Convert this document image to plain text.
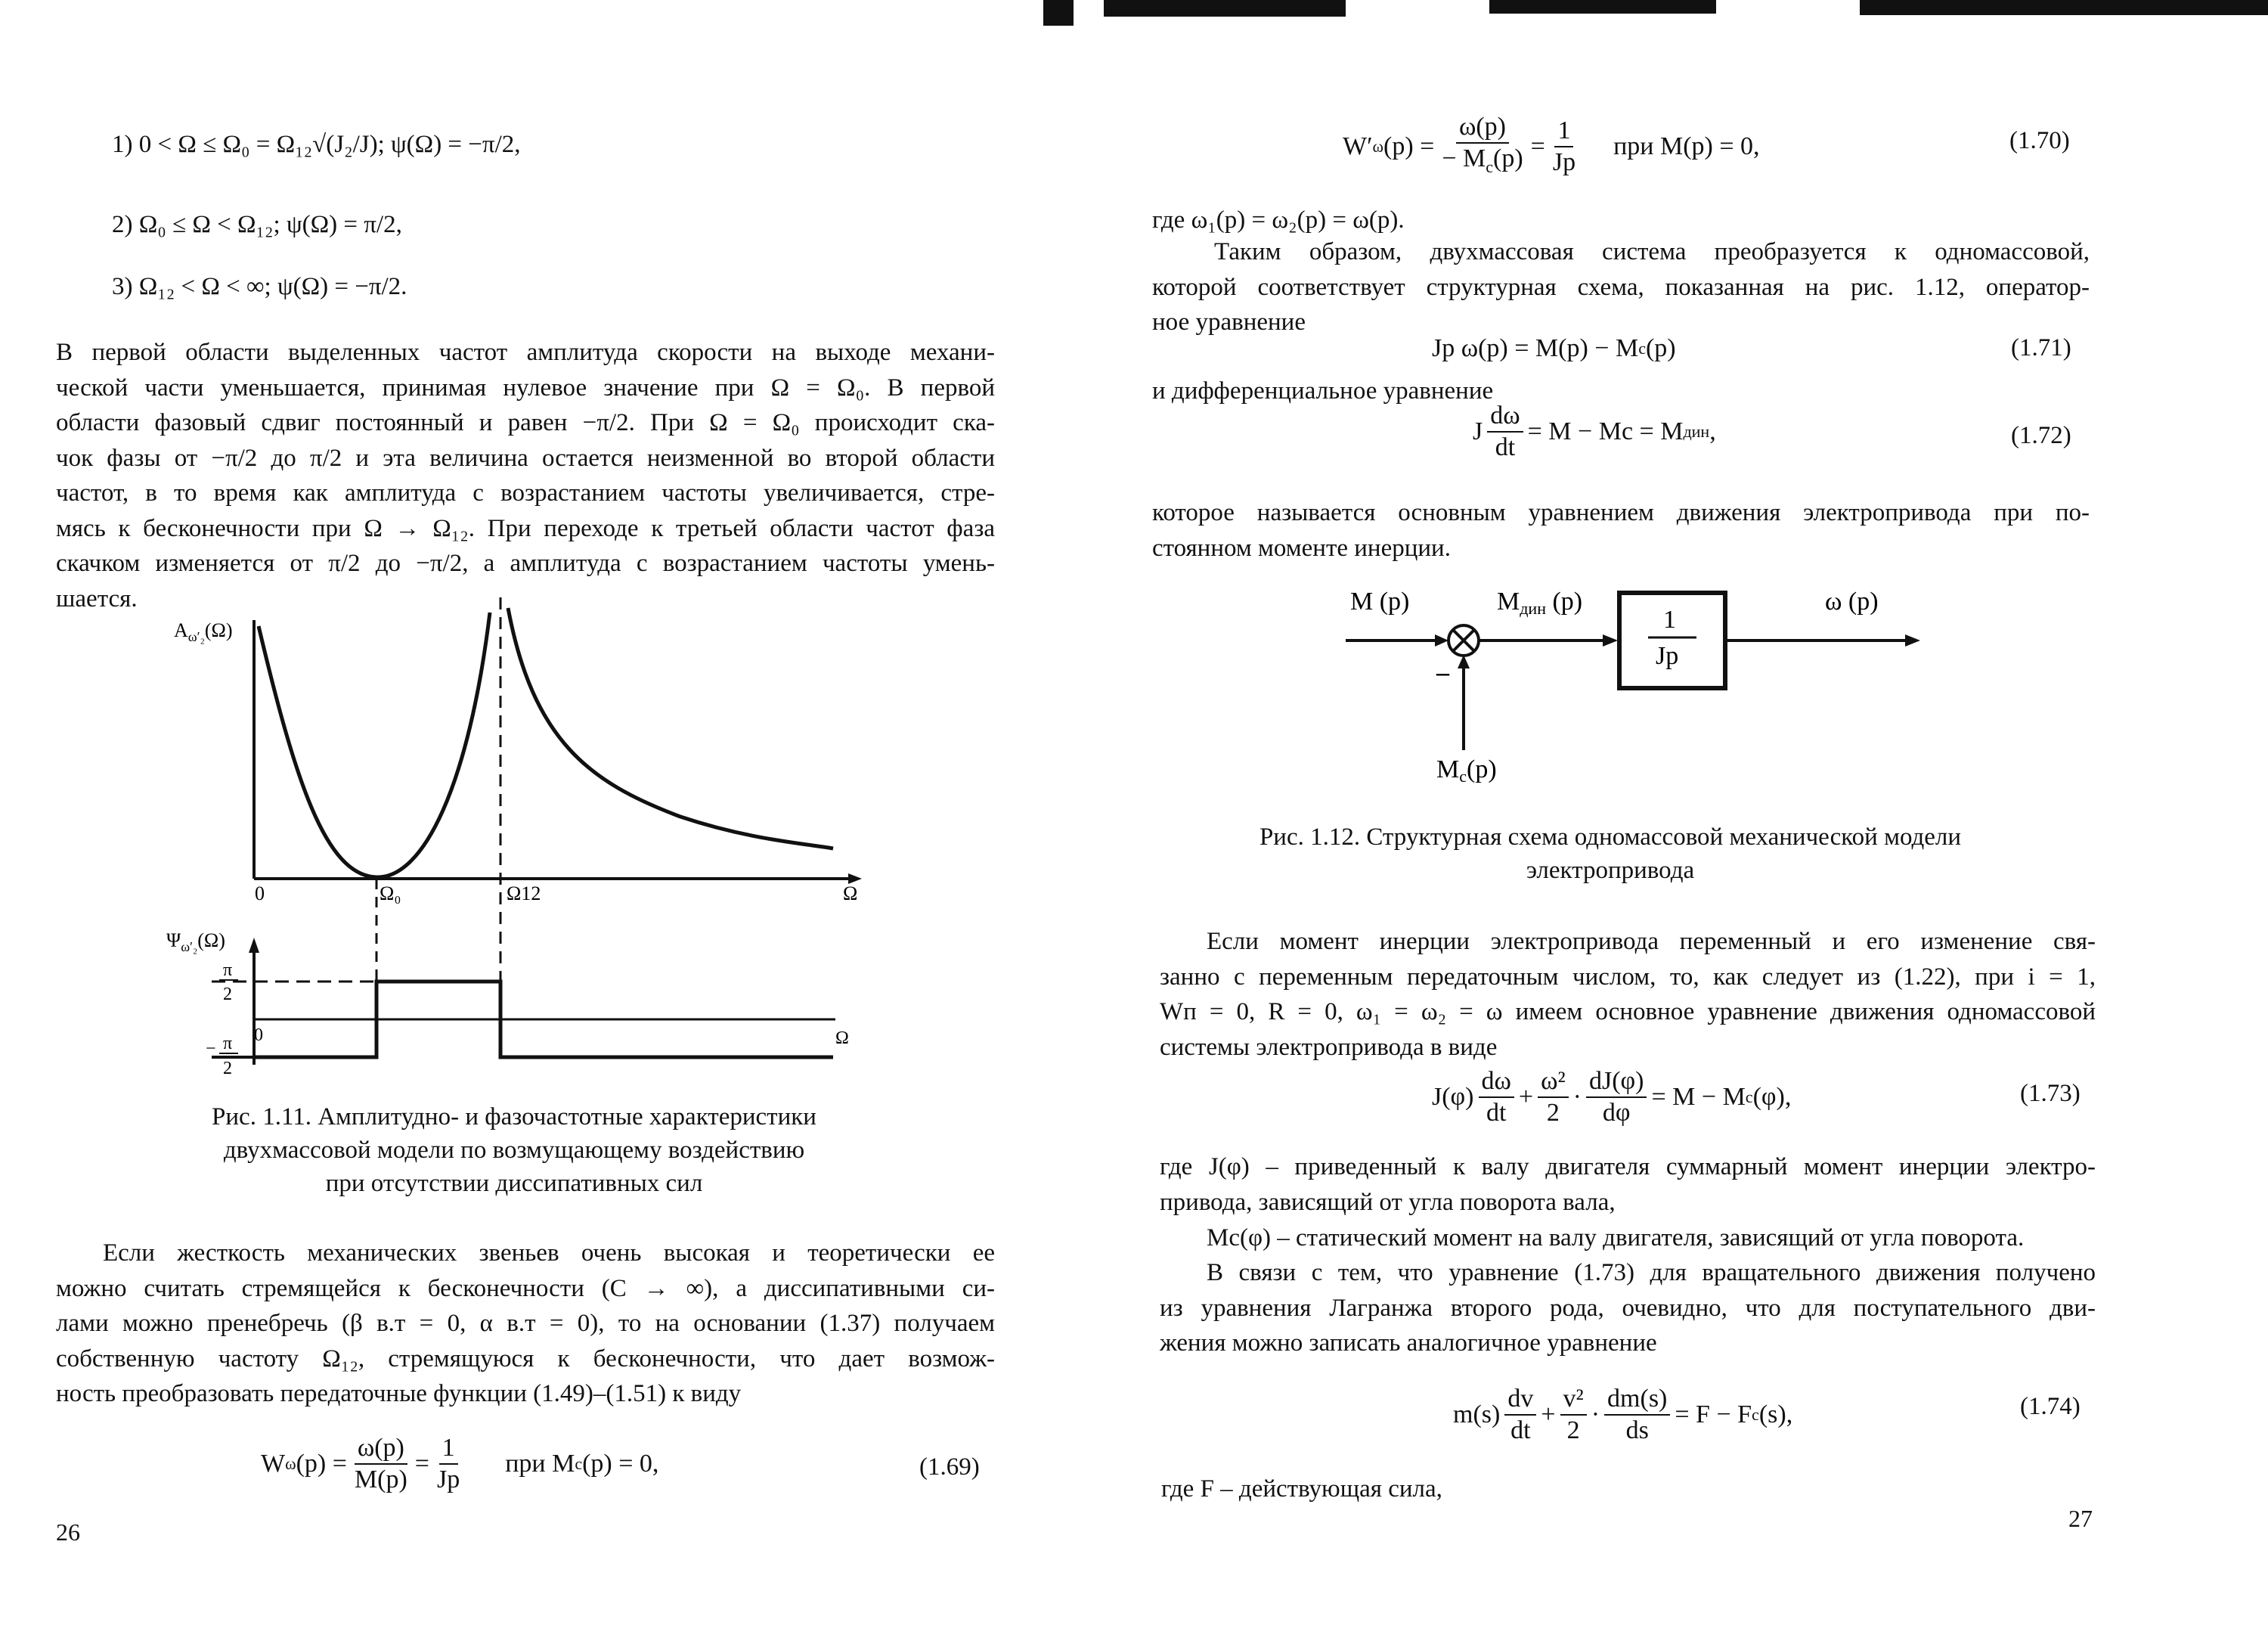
1) 0 < Ω ≤ Ω₀ = Ω₁₂√(J₂/J); ψ(Ω) = −π/2,
2) Ω₀ ≤ Ω < Ω₁₂; ψ(Ω) = π/2,
3) Ω₁₂ < Ω < ∞; ψ(Ω) = −π/2.
В первой области выделенных частот амплитуда скорости на выходе механи-
ческой части уменьшается, принимая нулевое значение при Ω = Ω₀. В первой
области фазовый сдвиг постоянный и равен −π/2. При Ω = Ω₀ происходит ска-
чок фазы от −π/2 до π/2 и эта величина остается неизменной во второй области
частот, в то время как амплитуда с возрастанием частоты увеличивается, стре-
мясь к бесконечности при Ω → Ω₁₂. При переходе к третьей области частот фаза
скачком изменяется от π/2 до −π/2, а амплитуда с возрастанием частоты умень-
шается.
$A_{\omega'_2}(\Omega)$
0	Ω₀	Ω12	Ω
$\Psi_{\omega'_2}(\Omega)$
π
2
0	Ω
− π
2
Рис. 1.11. Амплитудно- и фазочастотные характеристики
двухмассовой модели по возмущающему воздействию
при отсутствии диссипативных сил
Если жесткость механических звеньев очень высокая и теоретически ее
можно считать стремящейся к бесконечности (C → ∞), а диссипативными си-
лами можно пренебречь (β в.т = 0, α в.т = 0), то на основании (1.37) получаем
собственную частоту Ω₁₂, стремящуюся к бесконечности, что дает возмож-
ность преобразовать передаточные функции (1.49)–(1.51) к виду
W ω $(p) = \frac{\omega(p)}{M(p)} = \frac{1}{Jp}$ при M c (p) = 0,	(1.69)
26
W′ ω $(p) = \frac{\omega(p)}{- M_c(p)} = \frac{1}{Jp}$ при M(p) = 0,	(1.70)
где ω₁(p) = ω₂(p) = ω(p).
Таким образом, двухмассовая система преобразуется к одномассовой,
которой соответствует структурная схема, показанная на рис. 1.12, оператор-
ное уравнение
Jp ω(p) = M(p) − M c (p)	(1.71)
и дифференциальное уравнение
J $\frac{d\omega}{dt} = M - Mc = M$ дин ,	(1.72)
которое называется основным уравнением движения электропривода при по-
стоянном моменте инерции.
M (p)	Mдин (p)
1
Jp
ω (p)
–
Mc(p)
Рис. 1.12. Структурная схема одномассовой механической модели
электропривода
Если момент инерции электропривода переменный и его изменение свя-
занно с переменным передаточным числом, то, как следует из (1.22), при i = 1,
Wп = 0, R = 0, ω₁ = ω₂ = ω имеем основное уравнение движения одномассовой
системы электропривода в виде
$J(\varphi) \frac{d\omega}{dt} + \frac{\text{ω²}}{2} \cdot \frac{dJ(\varphi)}{d\varphi} = M - M$ c (φ),	(1.73)
где J(φ) – приведенный к валу двигателя суммарный момент инерции электро-
привода, зависящий от угла поворота вала,
Mc(φ) – статический момент на валу двигателя, зависящий от угла поворота.
В связи с тем, что уравнение (1.73) для вращательного движения получено
из уравнения Лагранжа второго рода, очевидно, что для поступательного дви-
жения можно записать аналогичное уравнение
$m(s) \frac{dv}{dt} + \frac{\text{v²}}{2} \cdot \frac{dm(s)}{ds} = F - F$ c (s),	(1.74)
где F – действующая сила,
27
